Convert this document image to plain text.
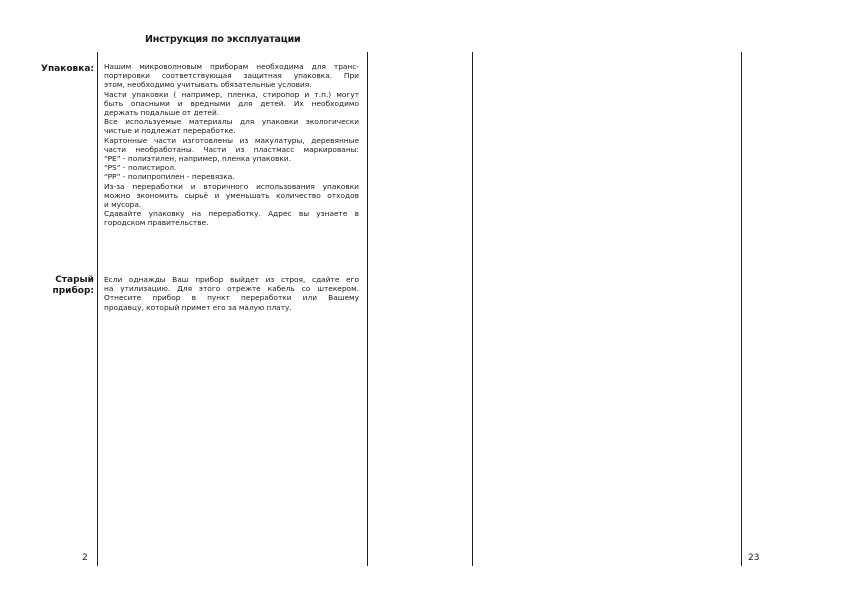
Инструкция по эксплуатации
Упаковка: Нашим микроволновым приборам необходима для транс-
портировки соответствующая защитная упаковка. При
этом, необходимо учитывать обязательные условия.
Части упаковки ( например, пленка, стиропор и т.п.) могут
быть опасными и вредными для детей. Их необходимо
держать подальше от детей.
Все используемые материалы для упаковки экологически
чистые и подлежат переработке.
Картонные части изготовлены из макулатуры, деревянные
части необработаны. Части из пластмасс маркированы:
“PE” - полиэтилен, например, пленка упаковки.
“PS” - полистирол.
“PP” - полипропилен - перевязка.
Из-за переработки и вторичного использования упаковки
можно экономить сырьё и уменьшать количество отходов
и мусора.
Сдавайте упаковку на переработку. Адрес вы узнаете в
городском правительстве.
Старый
прибор:
Если однажды Ваш прибор выйдет из строя, сдайте его
на утилизацию. Для этого отрежте кабель со штекером.
Отнесите прибор в пункт переработки или Вашему
продавцу, который примет его за малую плату.
2	23
